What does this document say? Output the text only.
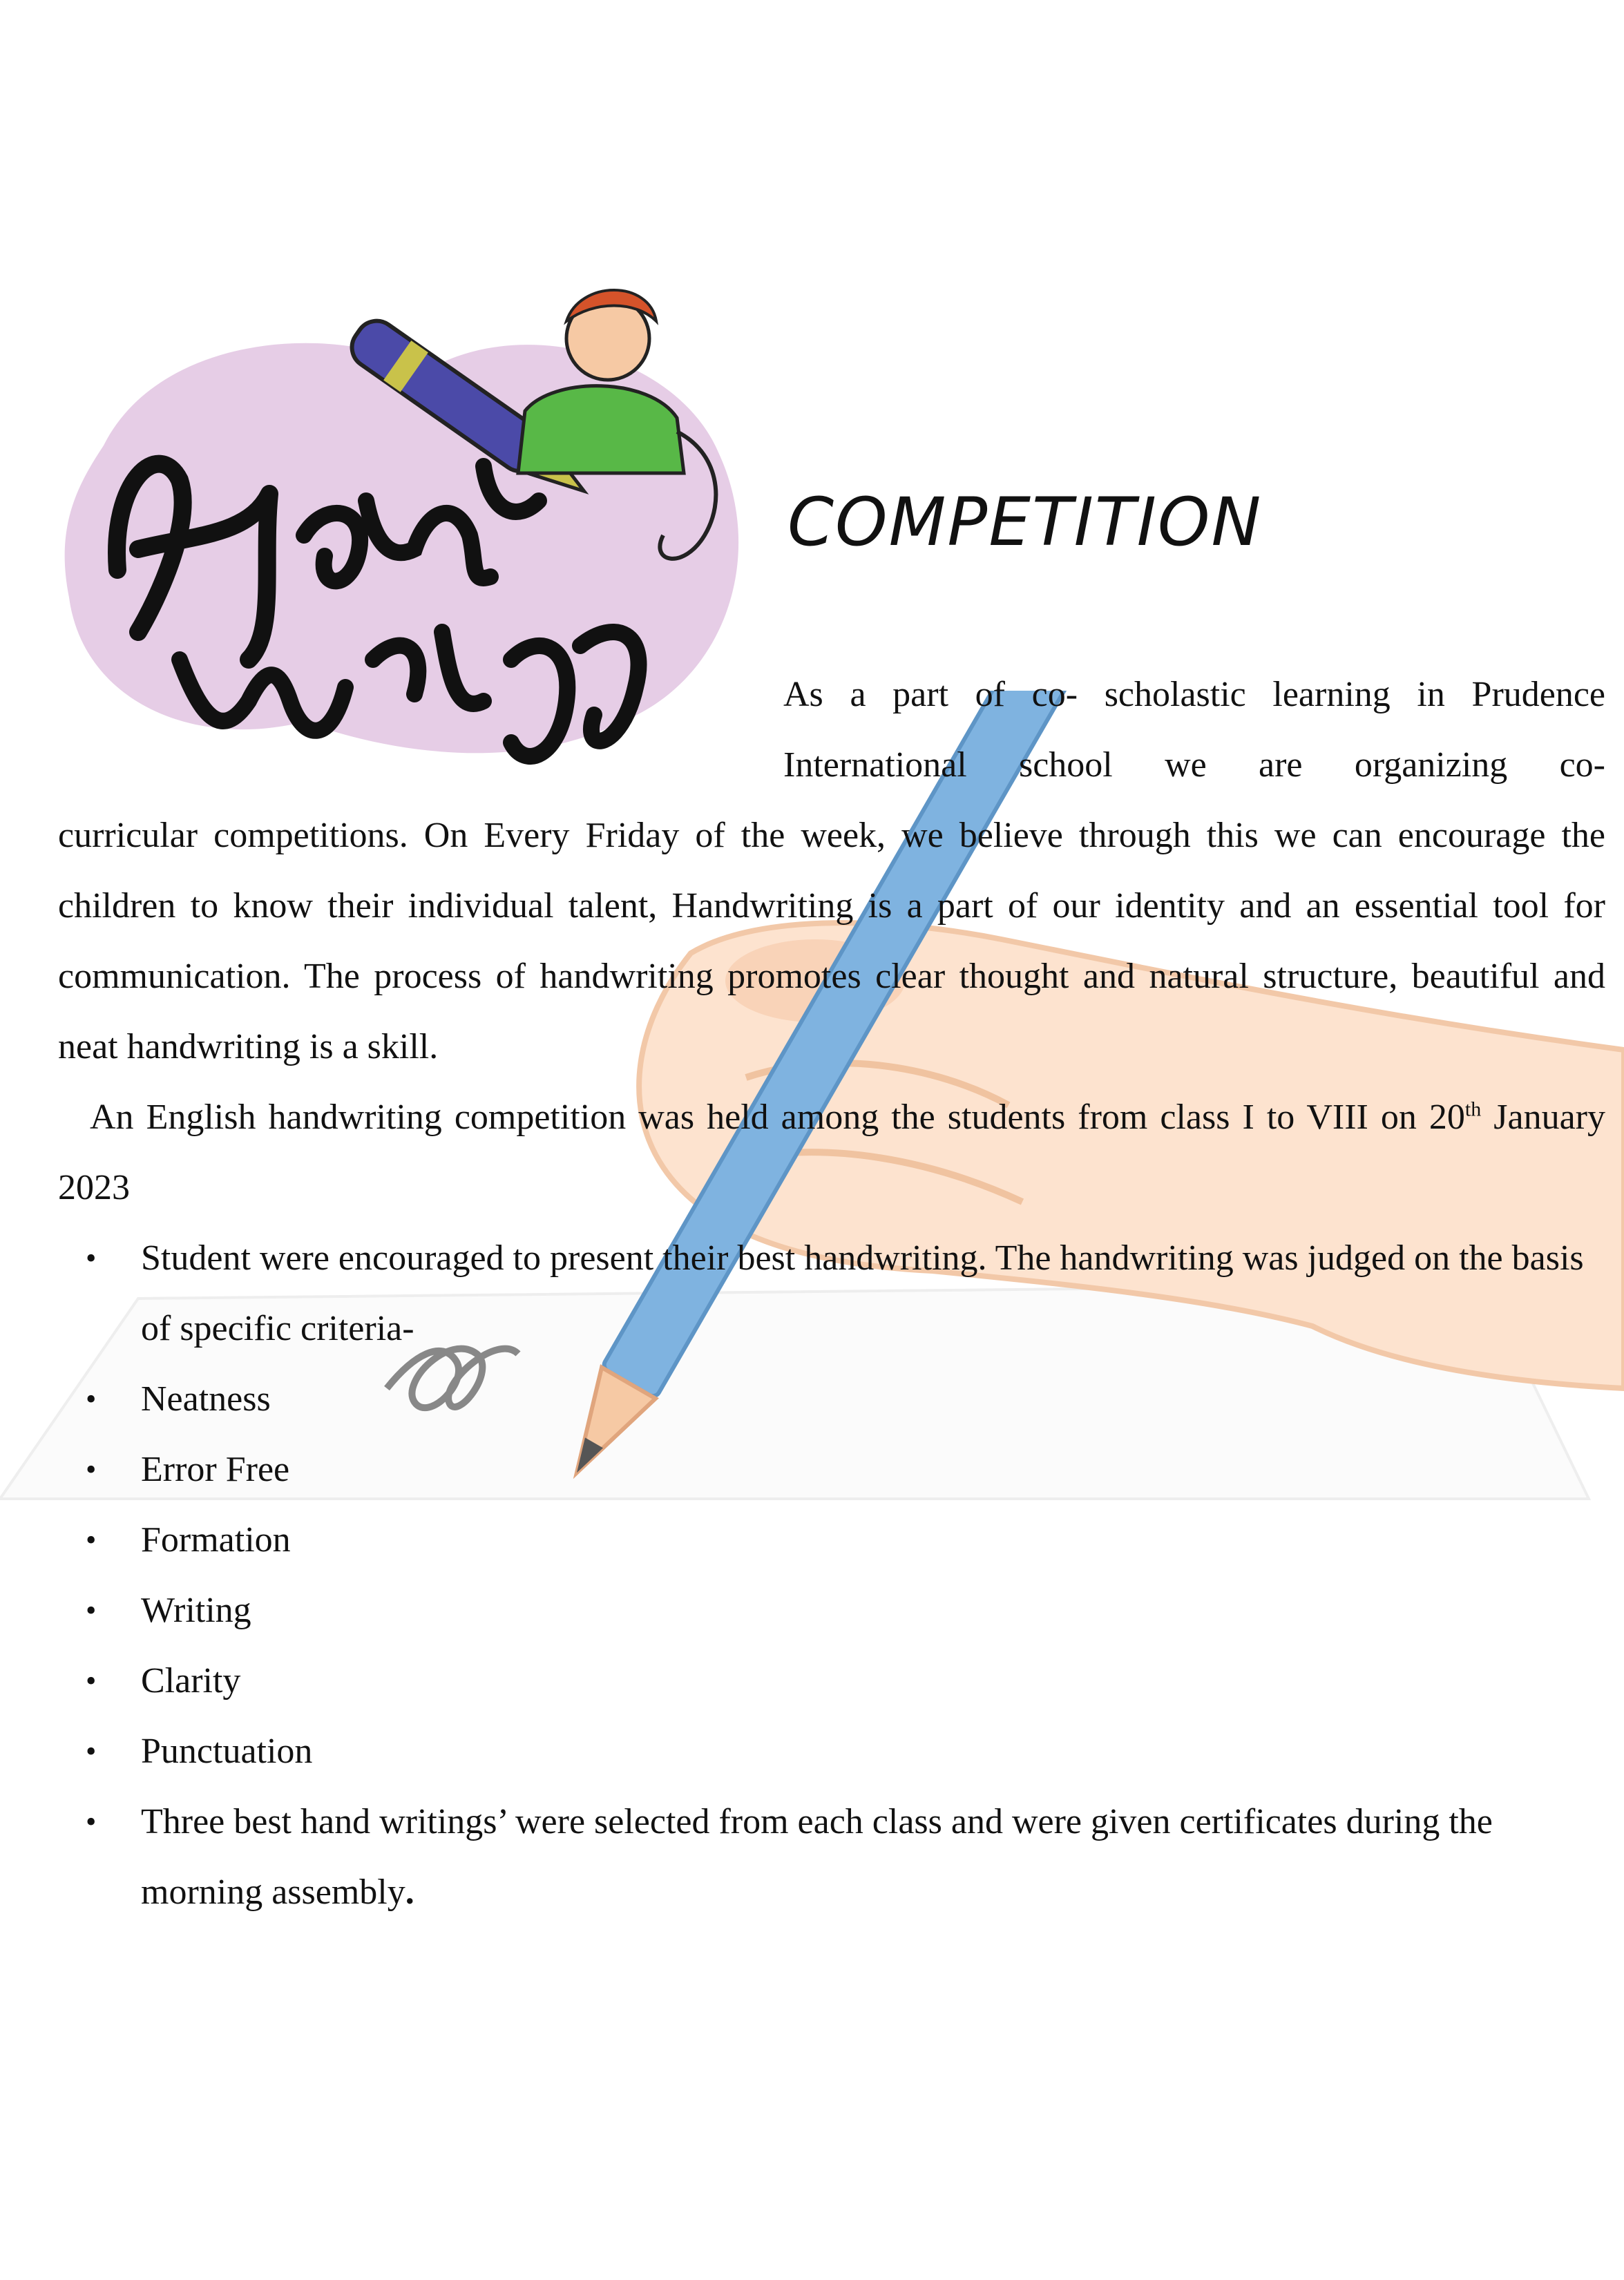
COMPETITION
As a part of co- scholastic learning in Prudence International school we are organizing co-
curricular competitions. On Every Friday of the week, we believe through this we can encourage the children to know their individual talent, Handwriting is a part of our identity and an essential tool for communication. The process of handwriting promotes clear thought and natural structure, beautiful and neat handwriting is a skill.
An English handwriting competition was held among the students from class I to VIII on 20th January 2023
• Student were encouraged to present their best handwriting. The handwriting was judged on the basis of specific criteria-
• Neatness
• Error Free
• Formation
• Writing
• Clarity
• Punctuation
• Three best hand writings’ were selected from each class and were given certificates during the morning assembly.
